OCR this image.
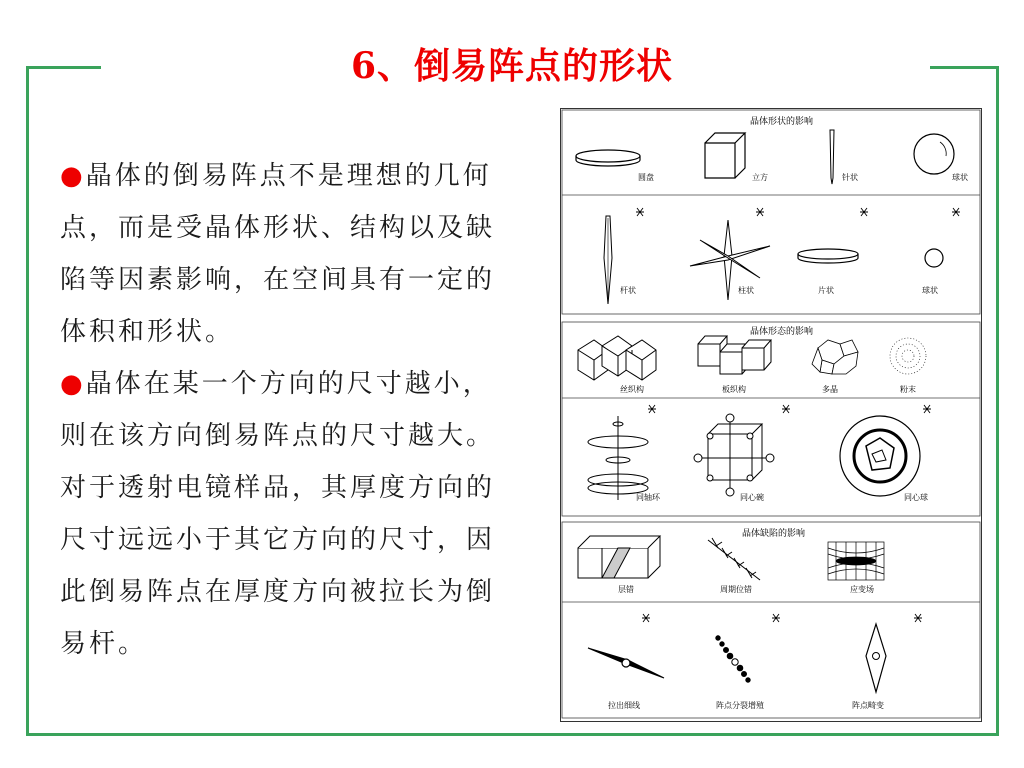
6、倒易阵点的形状
●晶体的倒易阵点不是理想的几何点，而是受晶体形状、结构以及缺陷等因素影响，在空间具有一定的体积和形状。
●晶体在某一个方向的尺寸越小，则在该方向倒易阵点的尺寸越大。对于透射电镜样品，其厚度方向的尺寸远远小于其它方向的尺寸，因此倒易阵点在厚度方向被拉长为倒易杆。
晶体形状的影响
圆盘	立方	针状	球状
杆状	柱状	片状	球状
晶体形态的影响
丝织构	板织构	多晶	粉末
同轴环	同心碗	同心球
晶体缺陷的影响
层错	周期位错	应变场
拉出细线	阵点分裂增殖	阵点畸变
